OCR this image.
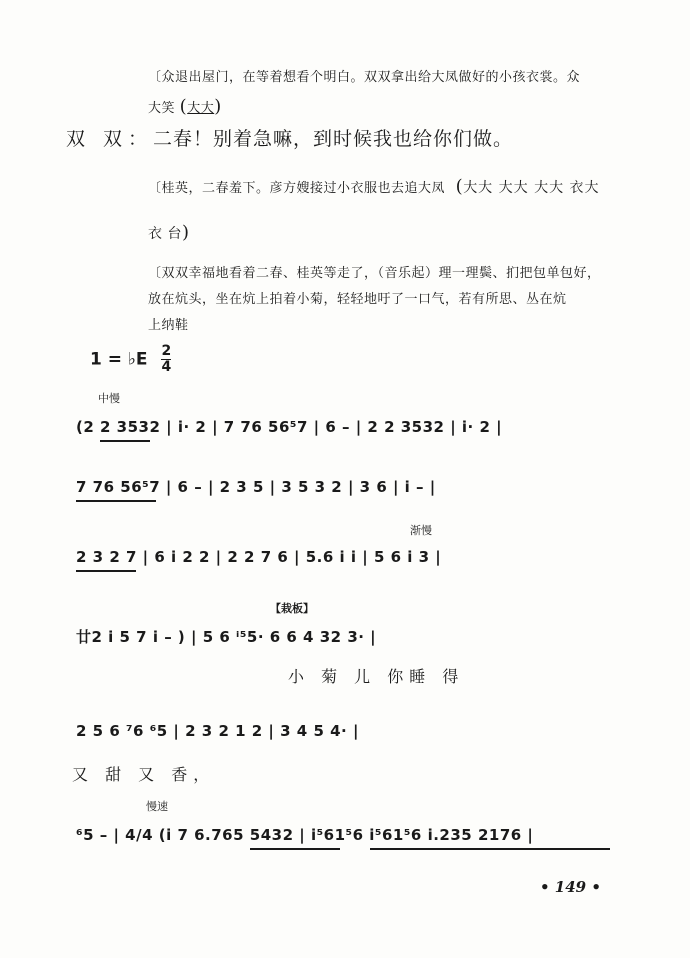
〔众退出屋门，在等着想看个明白。双双拿出给大凤做好的小孩衣裳。众
大笑 (大大)
双 双：二春！别着急嘛，到时候我也给你们做。
〔桂英，二春羞下。彦方嫂接过小衣服也去追大凤 (大大 大大 大大 衣大
衣 台)
〔双双幸福地看着二春、桂英等走了，（音乐起）理一理鬓、扪把包单包好，
放在炕头，坐在炕上拍着小菊，轻轻地吁了一口气，若有所思、丛在炕
上纳鞋
1 = ♭E $\frac{2}{4}$
中慢
(2 2 3532 | i· 2 | 7 76 56⁵7 | 6 – | 2 2 3532 | i· 2 |
7 76 56⁵7 | 6 – | 2 3 5 | 3 5 3 2 | 3 6 | i – |
渐慢
2 3 2 7 | 6 i 2 2 | 2 2 7 6 | 5.6 i i | 5 6 i 3 |
【栽板】
廿2 i 5 7 i – ) | 5 6 ⁱ⁵5· 6 6 4 32 3· |
小 菊 儿 你睡 得
2 5 6 ⁷6 ⁶5 | 2 3 2 1 2 | 3 4 5 4· |
又 甜 又 香，
慢速
⁶5 – | 4/4 (i 7 6.765 5432 | i⁵61⁵6 i⁵61⁵6 i.235 2176 |
• 149 •
